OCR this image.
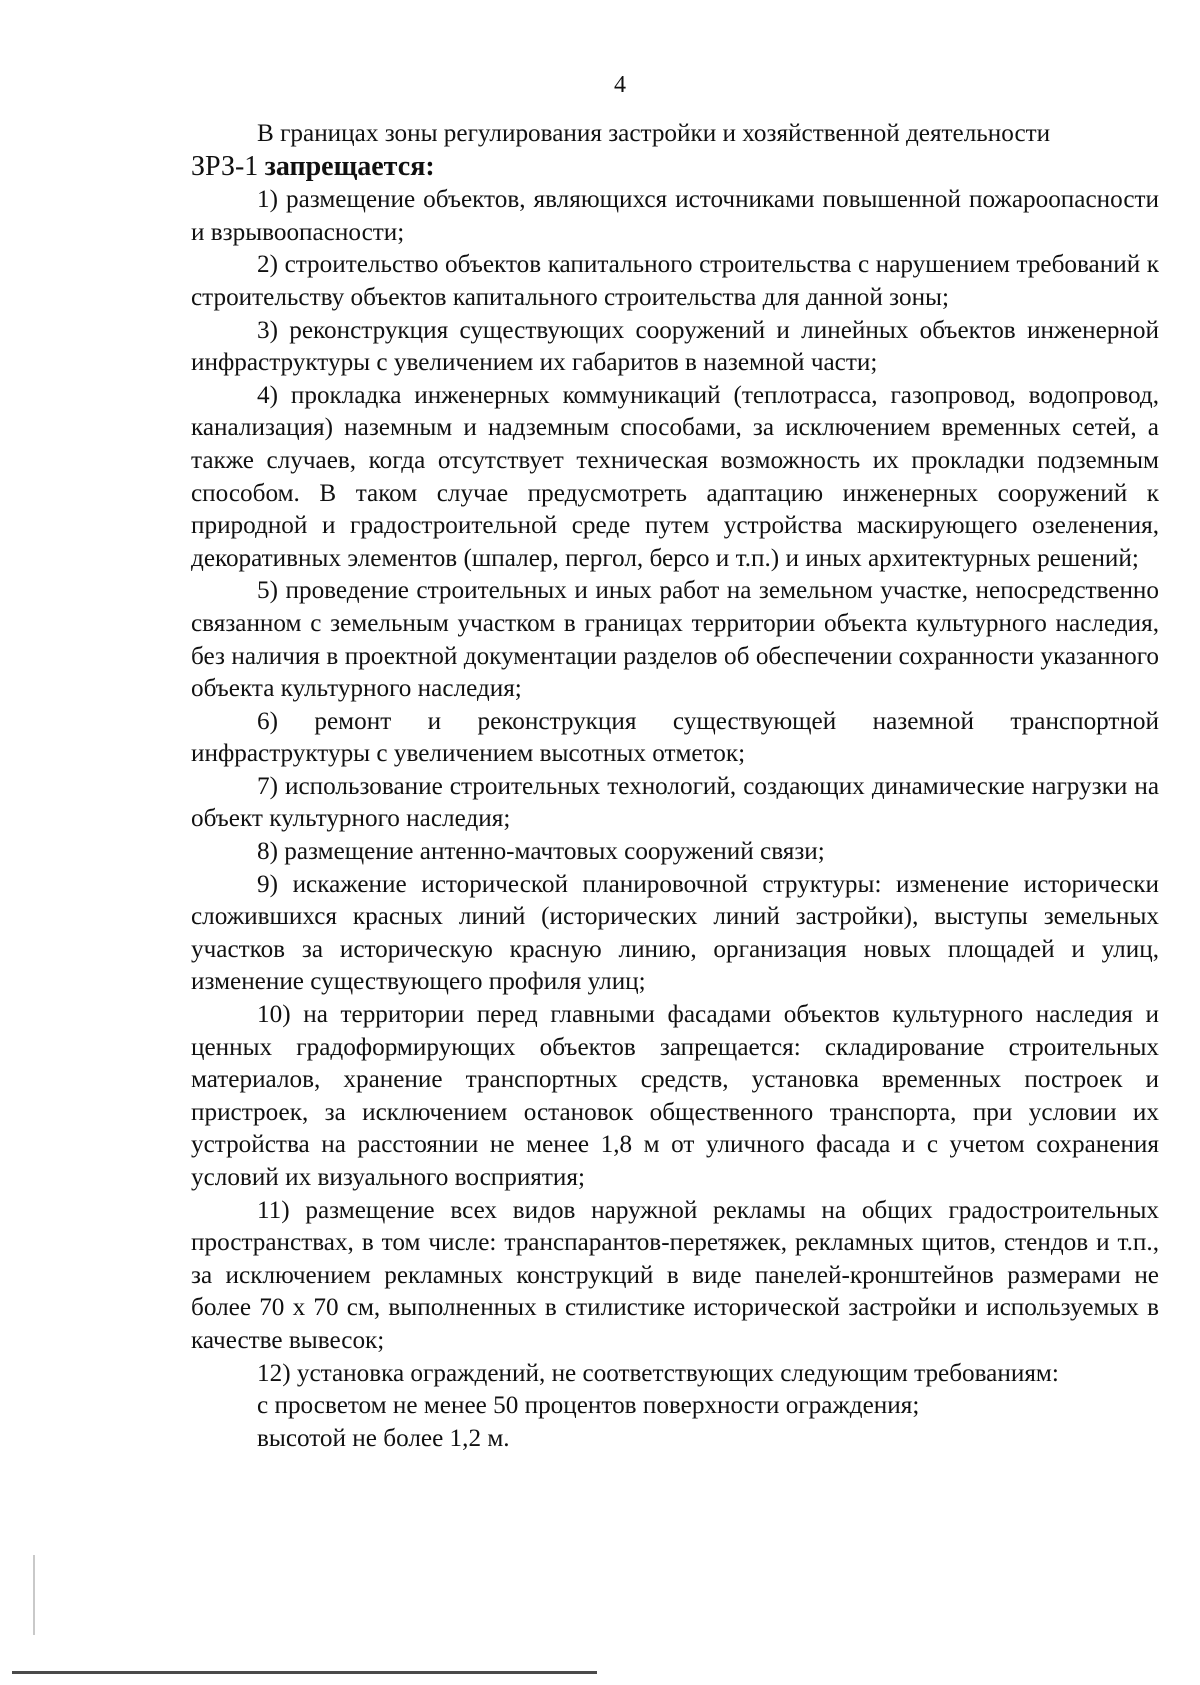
4

В границах зоны регулирования застройки и хозяйственной деятельности

ЗРЗ-1 запрещается:

1) размещение объектов, являющихся источниками повышенной пожароопасности и взрывоопасности;

2) строительство объектов капитального строительства с нарушением требований к строительству объектов капитального строительства для данной зоны;

3) реконструкция существующих сооружений и линейных объектов инженерной инфраструктуры с увеличением их габаритов в наземной части;

4) прокладка инженерных коммуникаций (теплотрасса, газопровод, водопровод, канализация) наземным и надземным способами, за исключением временных сетей, а также случаев, когда отсутствует техническая возможность их прокладки подземным способом. В таком случае предусмотреть адаптацию инженерных сооружений к природной и градостроительной среде путем устройства маскирующего озеленения, декоративных элементов (шпалер, пергол, берсо и т.п.) и иных архитектурных решений;

5) проведение строительных и иных работ на земельном участке, непосредственно связанном с земельным участком в границах территории объекта культурного наследия, без наличия в проектной документации разделов об обеспечении сохранности указанного объекта культурного наследия;

6) ремонт и реконструкция существующей наземной транспортной инфраструктуры с увеличением высотных отметок;

7) использование строительных технологий, создающих динамические нагрузки на объект культурного наследия;

8) размещение антенно-мачтовых сооружений связи;

9) искажение исторической планировочной структуры: изменение исторически сложившихся красных линий (исторических линий застройки), выступы земельных участков за историческую красную линию, организация новых площадей и улиц, изменение существующего профиля улиц;

10) на территории перед главными фасадами объектов культурного наследия и ценных градоформирующих объектов запрещается: складирование строительных материалов, хранение транспортных средств, установка временных построек и пристроек, за исключением остановок общественного транспорта, при условии их устройства на расстоянии не менее 1,8 м от уличного фасада и с учетом сохранения условий их визуального восприятия;

11) размещение всех видов наружной рекламы на общих градостроительных пространствах, в том числе: транспарантов-перетяжек, рекламных щитов, стендов и т.п., за исключением рекламных конструкций в виде панелей-кронштейнов размерами не более 70 х 70 см, выполненных в стилистике исторической застройки и используемых в качестве вывесок;

12) установка ограждений, не соответствующих следующим требованиям:

с просветом не менее 50 процентов поверхности ограждения;

высотой не более 1,2 м.
